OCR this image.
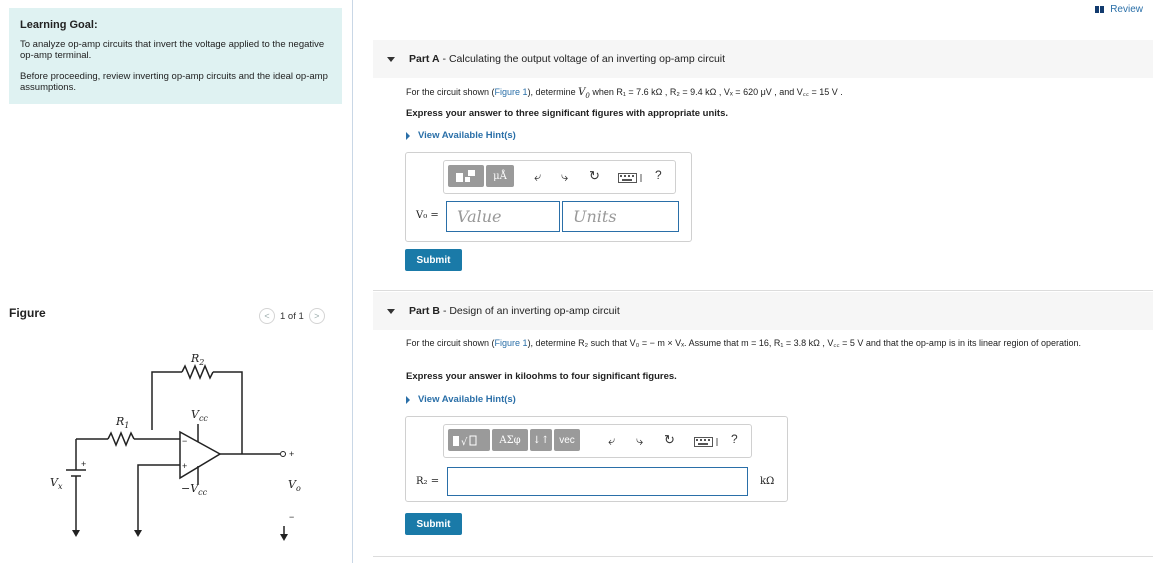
Learning Goal:
To analyze op-amp circuits that invert the voltage applied to the negative op-amp terminal.
Before proceeding, review inverting op-amp circuits and the ideal op-amp assumptions.
Figure	<	1 of 1	>
$R_2$
$R_1$
$V_{cc}$
$-V_{cc}$
$V_x$	$V_o$
−
+
+
+
−
Review
Part A - Calculating the output voltage of an inverting op-amp circuit
For the circuit shown (Figure 1), determine $V_0$ when R₁ = 7.6 kΩ , R₂ = 9.4 kΩ , Vₓ = 620 μV , and V꜀꜀ = 15 V .
Express your answer to three significant figures with appropriate units.
View Available Hint(s)
μÅ	⤶ ⤷ ↻	?
V₀ =
Value
Units
Submit
Part B - Design of an inverting op-amp circuit
For the circuit shown (Figure 1), determine R₂ such that V₀ = − m × Vₓ. Assume that m = 16, R₁ = 3.8 kΩ , V꜀꜀ = 5 V and that the op-amp is in its linear region of operation.
Express your answer in kiloohms to four significant figures.
View Available Hint(s)
√	ΑΣφ	↓↑ vec	⤶ ⤷ ↻	?
R₂ =	kΩ
Submit
